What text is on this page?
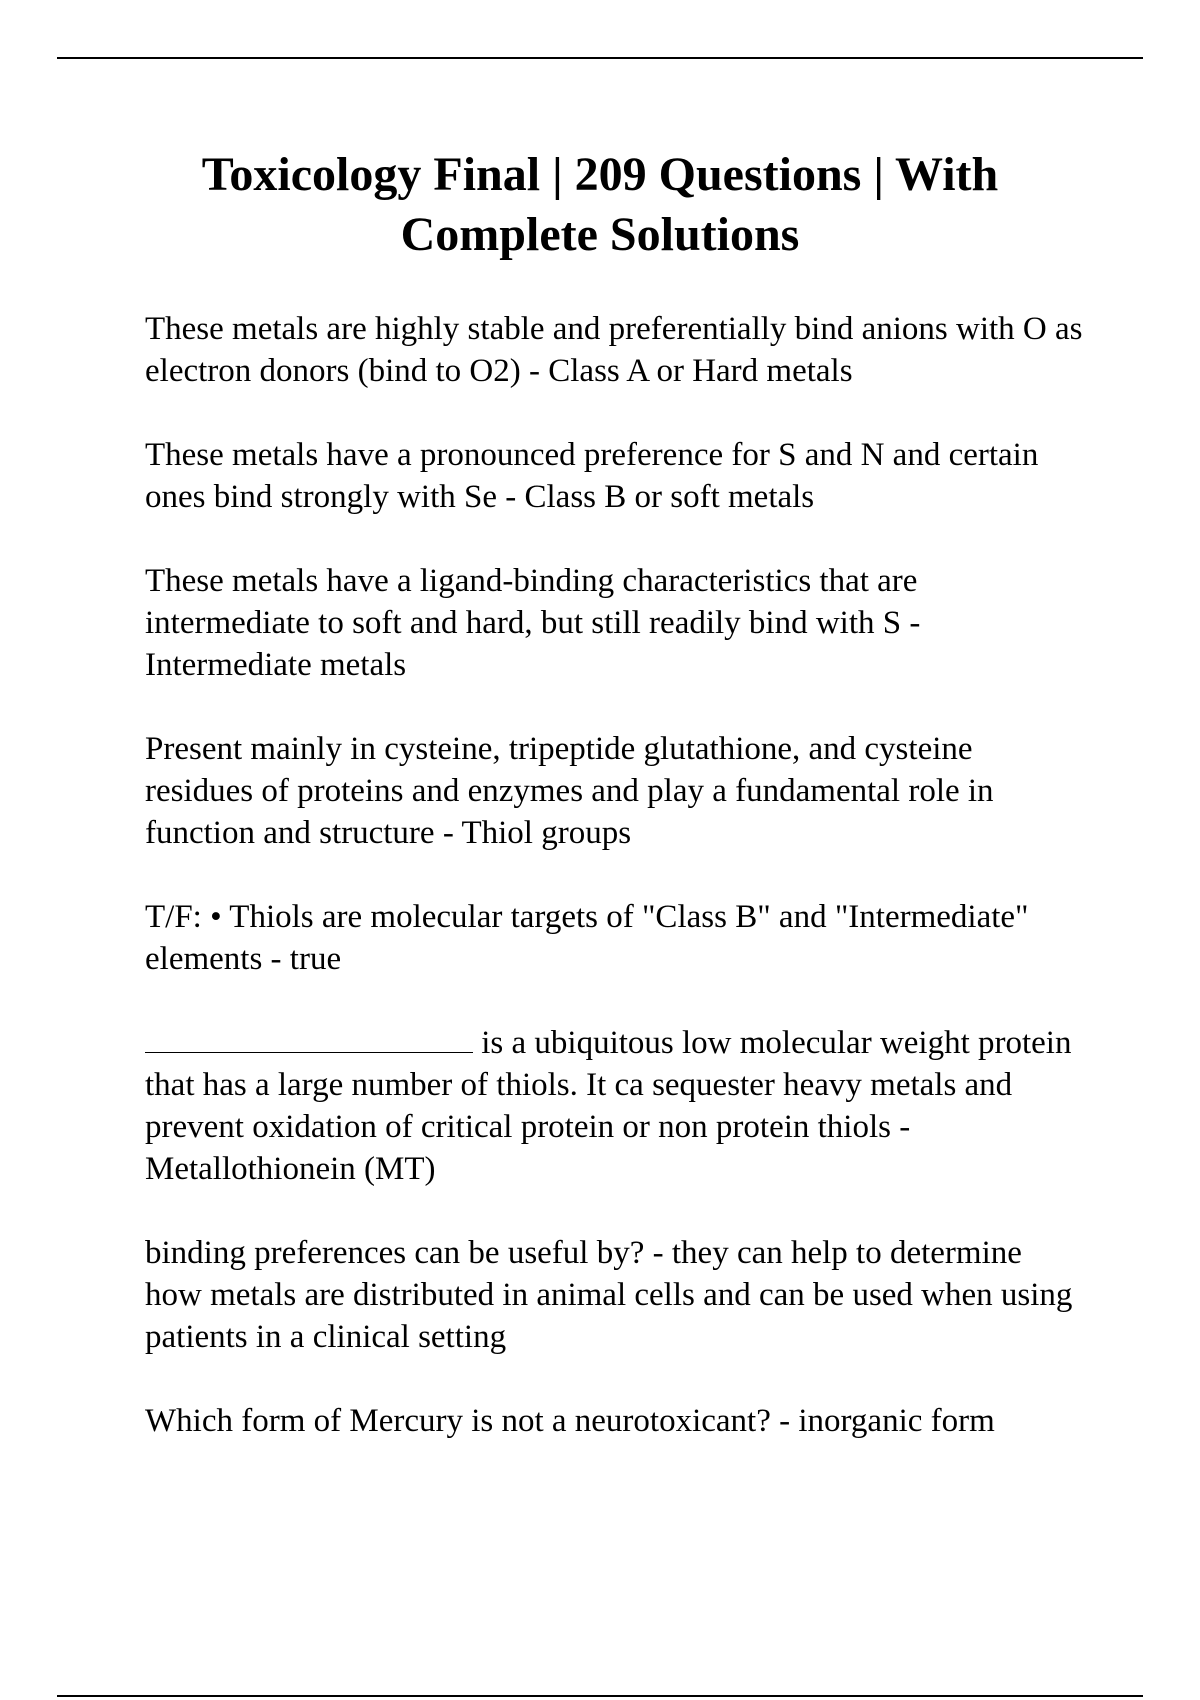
Toxicology Final | 209 Questions | With Complete Solutions
These metals are highly stable and preferentially bind anions with O as electron donors (bind to O2) - Class A or Hard metals
These metals have a pronounced preference for S and N and certain ones bind strongly with Se - Class B or soft metals
These metals have a ligand-binding characteristics that are intermediate to soft and hard, but still readily bind with S - Intermediate metals
Present mainly in cysteine, tripeptide glutathione, and cysteine residues of proteins and enzymes and play a fundamental role in function and structure - Thiol groups
T/F: • Thiols are molecular targets of "Class B" and "Intermediate" elements - true
is a ubiquitous low molecular weight protein that has a large number of thiols. It ca sequester heavy metals and prevent oxidation of critical protein or non protein thiols - Metallothionein (MT)
binding preferences can be useful by? - they can help to determine how metals are distributed in animal cells and can be used when using patients in a clinical setting
Which form of Mercury is not a neurotoxicant? - inorganic form
